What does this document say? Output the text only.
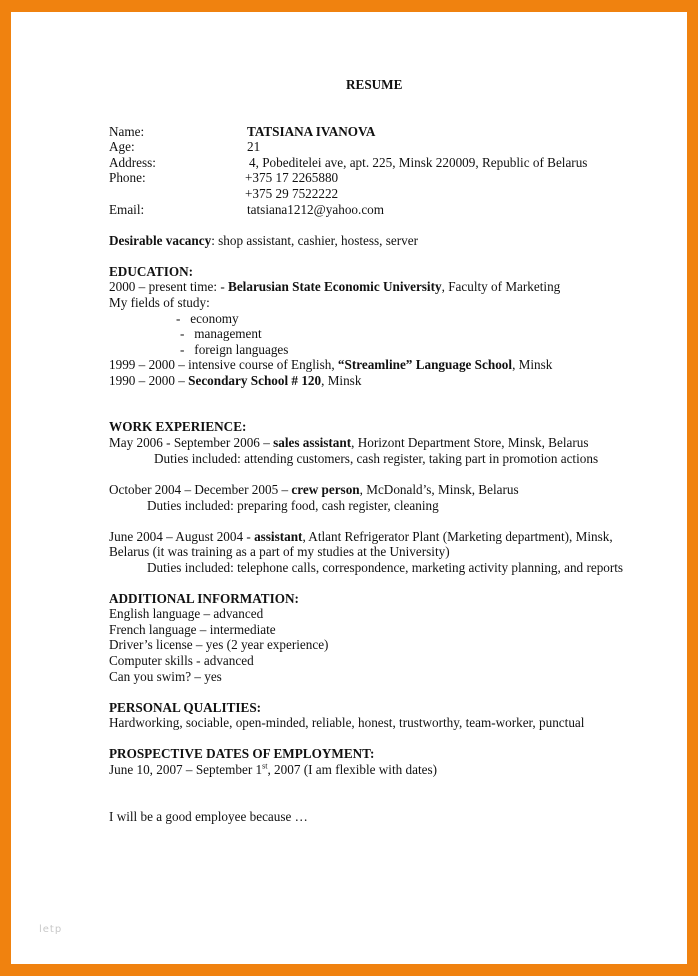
RESUME
Name:	TATSIANA IVANOVA
Age:	21
Address:	4, Pobeditelei ave, apt. 225, Minsk 220009, Republic of Belarus
Phone:	+375 17 2265880
+375 29 7522222
Email:	tatsiana1212@yahoo.com
Desirable vacancy: shop assistant, cashier, hostess, server
EDUCATION:
2000 – present time: - Belarusian State Economic University, Faculty of Marketing
My fields of study:
-   economy
-   management
-   foreign languages
1999 – 2000 – intensive course of English, “Streamline” Language School, Minsk
1990 – 2000 – Secondary School # 120, Minsk
WORK EXPERIENCE:
May 2006 - September 2006 – sales assistant, Horizont Department Store, Minsk, Belarus
Duties included: attending customers, cash register, taking part in promotion actions
October 2004 – December 2005 – crew person, McDonald’s, Minsk, Belarus
Duties included: preparing food, cash register, cleaning
June 2004 – August 2004 - assistant, Atlant Refrigerator Plant (Marketing department), Minsk,
Belarus (it was training as a part of my studies at the University)
Duties included: telephone calls, correspondence, marketing activity planning, and reports
ADDITIONAL INFORMATION:
English language – advanced
French language – intermediate
Driver’s license – yes (2 year experience)
Computer skills - advanced
Can you swim? – yes
PERSONAL QUALITIES:
Hardworking, sociable, open-minded, reliable, honest, trustworthy, team-worker, punctual
PROSPECTIVE DATES OF EMPLOYMENT:
June 10, 2007 – September 1st, 2007 (I am flexible with dates)
I will be a good employee because …
letp
